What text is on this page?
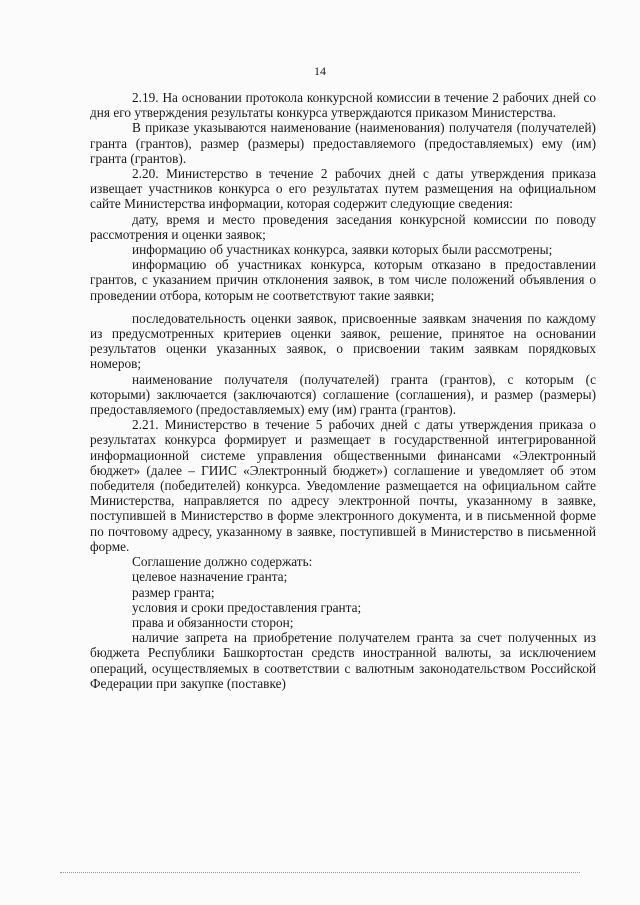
14

2.19. На основании протокола конкурсной комиссии в течение 2 рабочих дней со дня его утверждения результаты конкурса утверждаются приказом Министерства.

В приказе указываются наименование (наименования) получателя (получателей) гранта (грантов), размер (размеры) предоставляемого (предоставляемых) ему (им) гранта (грантов).

2.20. Министерство в течение 2 рабочих дней с даты утверждения приказа извещает участников конкурса о его результатах путем размещения на официальном сайте Министерства информации, которая содержит следующие сведения:

дату, время и место проведения заседания конкурсной комиссии по поводу рассмотрения и оценки заявок;

информацию об участниках конкурса, заявки которых были рассмотрены;

информацию об участниках конкурса, которым отказано в предоставлении грантов, с указанием причин отклонения заявок, в том числе положений объявления о проведении отбора, которым не соответствуют такие заявки;

последовательность оценки заявок, присвоенные заявкам значения по каждому из предусмотренных критериев оценки заявок, решение, принятое на основании результатов оценки указанных заявок, о присвоении таким заявкам порядковых номеров;

наименование получателя (получателей) гранта (грантов), с которым (с которыми) заключается (заключаются) соглашение (соглашения), и размер (размеры) предоставляемого (предоставляемых) ему (им) гранта (грантов).

2.21. Министерство в течение 5 рабочих дней с даты утверждения приказа о результатах конкурса формирует и размещает в государственной интегрированной информационной системе управления общественными финансами «Электронный бюджет» (далее – ГИИС «Электронный бюджет») соглашение и уведомляет об этом победителя (победителей) конкурса. Уведомление размещается на официальном сайте Министерства, направляется по адресу электронной почты, указанному в заявке, поступившей в Министерство в форме электронного документа, и в письменной форме по почтовому адресу, указанному в заявке, поступившей в Министерство в письменной форме.

Соглашение должно содержать:

целевое назначение гранта;

размер гранта;

условия и сроки предоставления гранта;

права и обязанности сторон;

наличие запрета на приобретение получателем гранта за счет полученных из бюджета Республики Башкортостан средств иностранной валюты, за исключением операций, осуществляемых в соответствии с валютным законодательством Российской Федерации при закупке (поставке)
